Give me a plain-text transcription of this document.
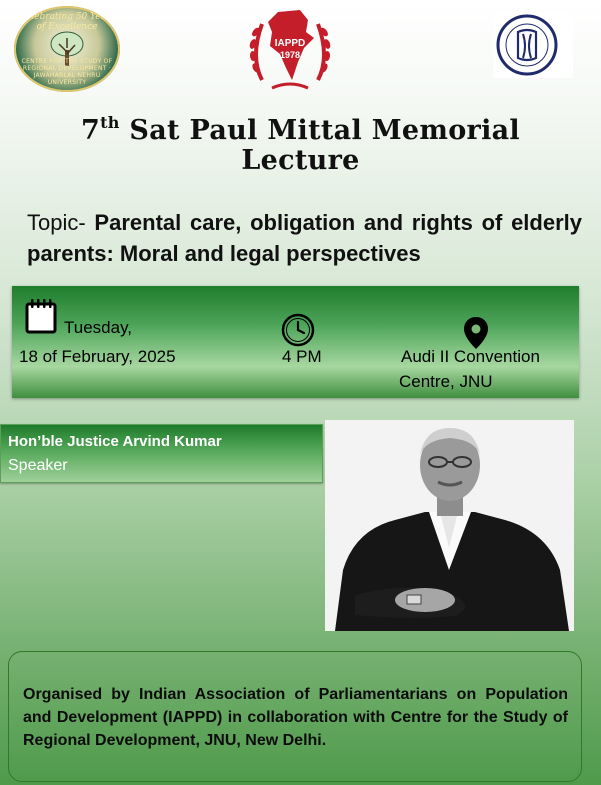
Celebrating 50 Years of Excellence
CENTRE FOR THE STUDY OF REGIONAL DEVELOPMENT · JAWAHARLAL NEHRU UNIVERSITY
IAPPD
1978
7th Sat Paul Mittal Memorial
Lecture
Topic- Parental care, obligation and rights of elderly parents: Moral and legal perspectives
Tuesday,
18 of February, 2025	4 PM	Audi II Convention
Centre, JNU
Hon’ble Justice Arvind Kumar
Speaker
Organised by Indian Association of Parliamentarians on Population and Development (IAPPD) in collaboration with Centre for the Study of Regional Development, JNU, New Delhi.
